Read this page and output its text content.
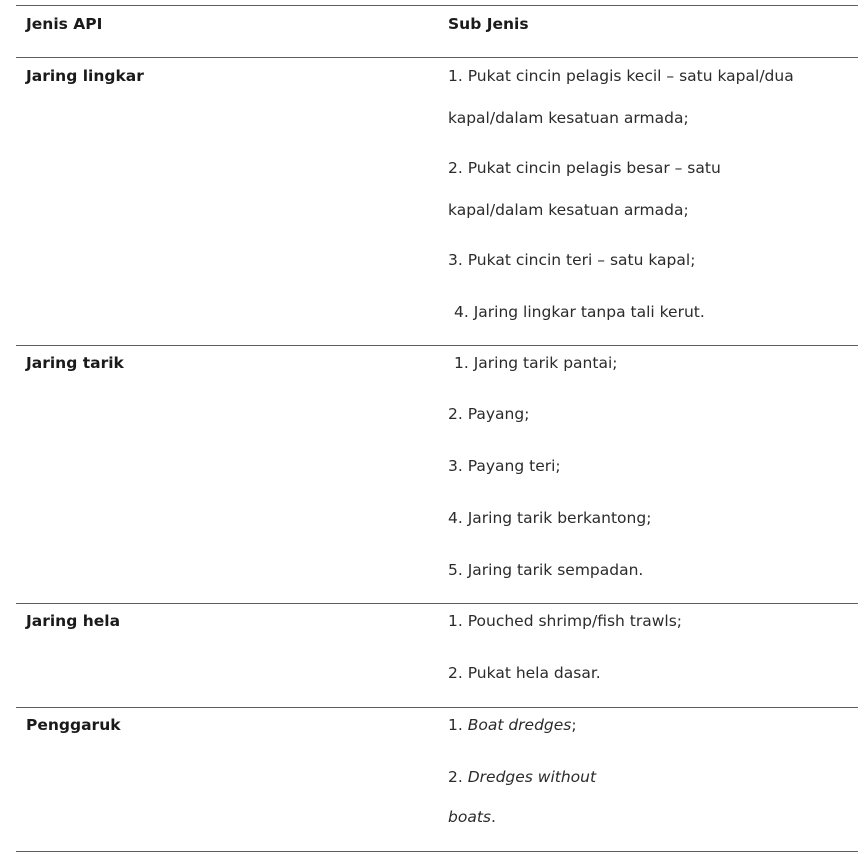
Jenis API	Sub Jenis
Jaring lingkar	1. Pukat cincin pelagis kecil – satu kapal/dua
kapal/dalam kesatuan armada;
2. Pukat cincin pelagis besar – satu
kapal/dalam kesatuan armada;
3. Pukat cincin teri – satu kapal;
4. Jaring lingkar tanpa tali kerut.
Jaring tarik	1. Jaring tarik pantai;
2. Payang;
3. Payang teri;
4. Jaring tarik berkantong;
5. Jaring tarik sempadan.
Jaring hela	1. Pouched shrimp/fish trawls;
2. Pukat hela dasar.
Penggaruk	1. Boat dredges;
2. Dredges without
boats.
